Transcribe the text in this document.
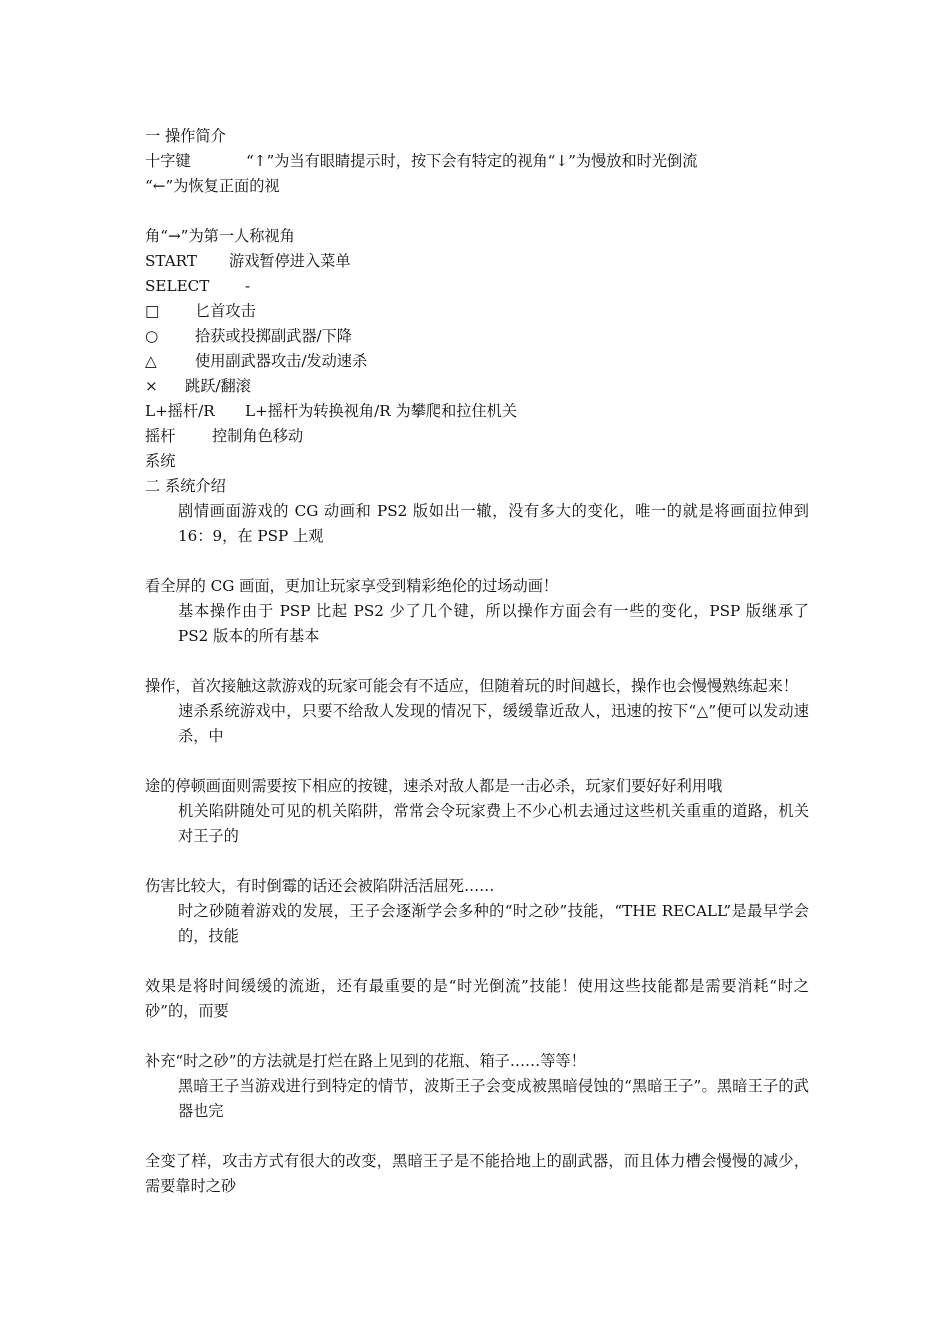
一 操作简介
十字键	“↑”为当有眼睛提示时，按下会有特定的视角“↓”为慢放和时光倒流
“←”为恢复正面的视
角“→”为第一人称视角
START 游戏暂停进入菜单
SELECT -
□ 匕首攻击
○ 拾获或投掷副武器/下降
△	使用副武器攻击/发动速杀
× 跳跃/翻滚
L+摇杆/R L+摇杆为转换视角/R 为攀爬和拉住机关
摇杆 控制角色移动
系统
二 系统介绍
剧情画面游戏的 CG 动画和 PS2 版如出一辙，没有多大的变化，唯一的就是将画面拉伸到 16：9，在 PSP 上观
看全屏的 CG 画面，更加让玩家享受到精彩绝伦的过场动画！
基本操作由于 PSP 比起 PS2 少了几个键，所以操作方面会有一些的变化，PSP 版继承了 PS2 版本的所有基本
操作，首次接触这款游戏的玩家可能会有不适应，但随着玩的时间越长，操作也会慢慢熟练起来！
速杀系统游戏中，只要不给敌人发现的情况下，缓缓靠近敌人，迅速的按下“△”便可以发动速杀，中
途的停顿画面则需要按下相应的按键，速杀对敌人都是一击必杀，玩家们要好好利用哦
机关陷阱随处可见的机关陷阱，常常会令玩家费上不少心机去通过这些机关重重的道路，机关对王子的
伤害比较大，有时倒霉的话还会被陷阱活活屈死……
时之砂随着游戏的发展，王子会逐渐学会多种的“时之砂”技能，“THE RECALL”是最早学会的，技能
效果是将时间缓缓的流逝，还有最重要的是“时光倒流”技能！使用这些技能都是需要消耗“时之砂”的，而要
补充“时之砂”的方法就是打烂在路上见到的花瓶、箱子……等等！
黑暗王子当游戏进行到特定的情节，波斯王子会变成被黑暗侵蚀的“黑暗王子”。黑暗王子的武器也完
全变了样，攻击方式有很大的改变，黑暗王子是不能拾地上的副武器，而且体力槽会慢慢的减少，需要靠时之砂
